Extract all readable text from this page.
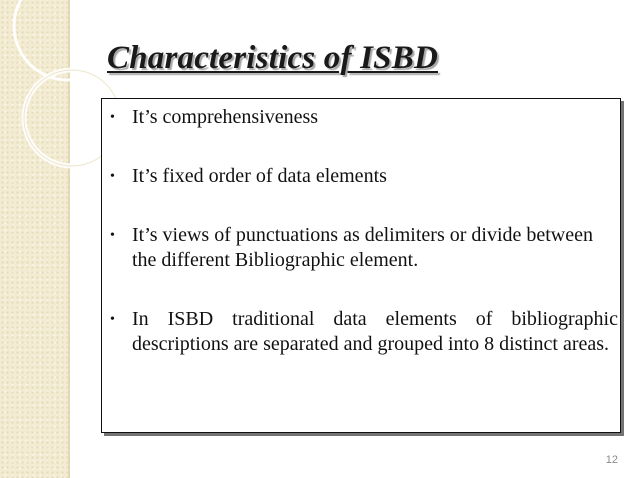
Characteristics of ISBD
• It’s comprehensiveness
• It’s fixed order of data elements
• It’s views of punctuations as delimiters or divide between the different Bibliographic element.
• In ISBD traditional data elements of bibliographic descriptions are separated and grouped into 8 distinct areas.
12
